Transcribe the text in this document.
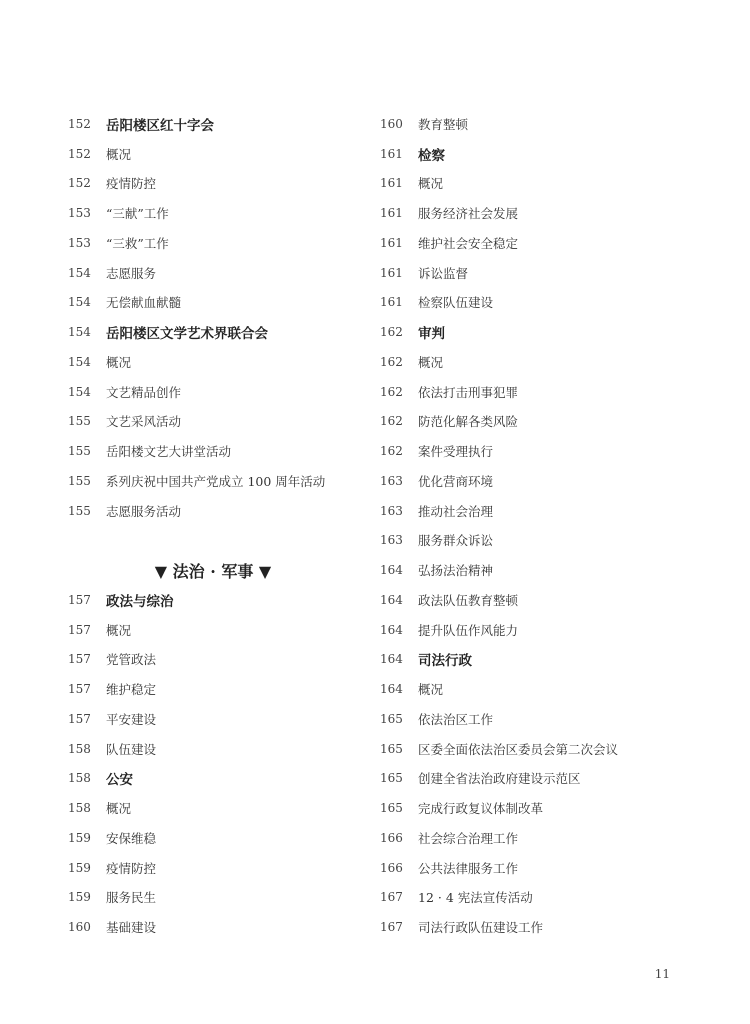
152	岳阳楼区红十字会
152	概况
152	疫情防控
153	“三献”工作
153	“三救”工作
154	志愿服务
154	无偿献血献髓
154	岳阳楼区文学艺术界联合会
154	概况
154	文艺精品创作
155	文艺采风活动
155	岳阳楼文艺大讲堂活动
155	系列庆祝中国共产党成立 100 周年活动
155	志愿服务活动
▼ 法治 · 军事 ▼
157	政法与综治
157	概况
157	党管政法
157	维护稳定
157	平安建设
158	队伍建设
158	公安
158	概况
159	安保维稳
159	疫情防控
159	服务民生
160	基础建设
160	教育整顿
161	检察
161	概况
161	服务经济社会发展
161	维护社会安全稳定
161	诉讼监督
161	检察队伍建设
162	审判
162	概况
162	依法打击刑事犯罪
162	防范化解各类风险
162	案件受理执行
163	优化营商环境
163	推动社会治理
163	服务群众诉讼
164	弘扬法治精神
164	政法队伍教育整顿
164	提升队伍作风能力
164	司法行政
164	概况
165	依法治区工作
165	区委全面依法治区委员会第二次会议
165	创建全省法治政府建设示范区
165	完成行政复议体制改革
166	社会综合治理工作
166	公共法律服务工作
167	12 · 4 宪法宣传活动
167	司法行政队伍建设工作
11
